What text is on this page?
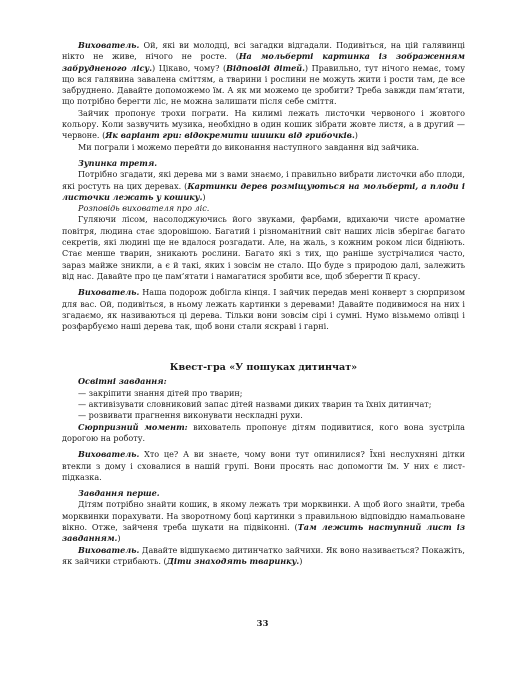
Вихователь. Ой, які ви молодці, всі загадки відгадали. Подивіться, на цій галявинці нікто не живе, нічого не росте. (На мольберті картинка із зображенням забрудненого лісу.) Цікаво, чому? (Відповіді дітей.) Правильно, тут нічого немає, тому що вся галявина завалена сміттям, а тварини і рослини не можуть жити і рости там, де все забруднено. Давайте допоможемо їм. А як ми можемо це зробити? Треба завжди пам’ятати, що потрібно берегти ліс, не можна залишати після себе сміття.

Зайчик пропонує трохи пограти. На килимі лежать листочки червоного і жовтого кольору. Коли зазвучить музика, необхідно в один кошик зібрати жовте листя, а в другий — червоне. (Як варіант гри: відокремити шишки від грибочків.)

Ми пограли і можемо перейти до виконання наступного завдання від зайчика.

Зупинка третя.

Потрібно згадати, які дерева ми з вами знаємо, і правильно вибрати листочки або плоди, які ростуть на цих деревах. (Картинки дерев розміщуються на мольберті, а плоди і листочки лежать у кошику.)

Розповідь вихователя про ліс.

Гуляючи лісом, насолоджуючись його звуками, фарбами, вдихаючи чисте ароматне повітря, людина стає здоровішою. Багатий і різноманітний світ наших лісів зберігає багато секретів, які людині ще не вдалося розгадати. Але, на жаль, з кожним роком ліси бідніють. Стає менше тварин, зникають рослини. Багато які з тих, що раніше зустрічалися часто, зараз майже зникли, а є й такі, яких і зовсім не стало. Що буде з природою далі, залежить від нас. Давайте про це пам’ятати і намагатися зробити все, щоб зберегти її красу.

Вихователь. Наша подорож добігла кінця. І зайчик передав мені конверт з сюрпризом для вас. Ой, подивіться, в ньому лежать картинки з деревами! Давайте подивимося на них і згадаємо, як називаються ці дерева. Тільки вони зовсім сірі і сумні. Нумо візьмемо олівці і розфарбуємо наші дерева так, щоб вони стали яскраві і гарні.

Квест-гра «У пошуках дитинчат»

Освітні завдання:

— закріпити знання дітей про тварин;
— активізувати словниковий запас дітей назвами диких тварин та їхніх дитинчат;
— розвивати прагнення виконувати нескладні рухи.

Сюрпризний момент: вихователь пропонує дітям подивитися, кого вона зустріла дорогою на роботу.

Вихователь. Хто це? А ви знаєте, чому вони тут опинилися? Їхні неслухняні дітки втекли з дому і сховалися в нашій групі. Вони просять нас допомогти їм. У них є лист-підказка.

Завдання перше.

Дітям потрібно знайти кошик, в якому лежать три морквинки. А щоб його знайти, треба морквинки порахувати. На зворотному боці картинки з правильною відповіддю намальоване вікно. Отже, зайченя треба шукати на підвіконні. (Там лежить наступний лист із завданням.)

Вихователь. Давайте відшукаємо дитинчатко зайчихи. Як воно називається? Покажіть, як зайчики стрибають. (Діти знаходять тваринку.)

33
